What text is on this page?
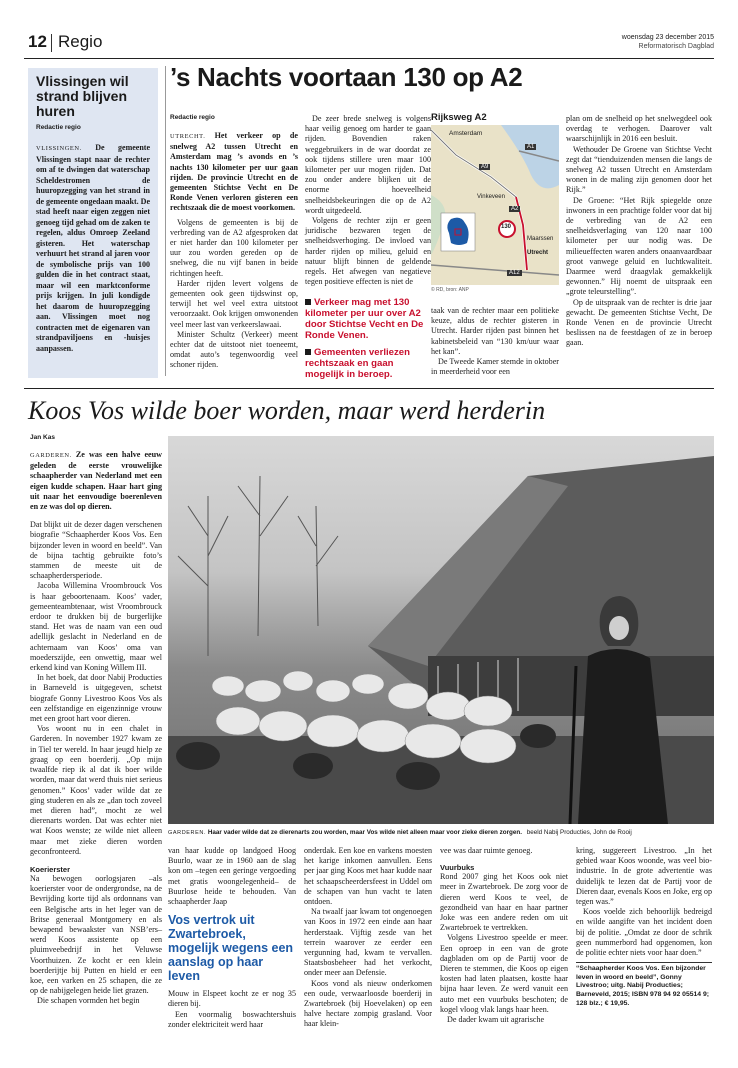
12 Regio	woensdag 23 december 2015
Reformatorisch Dagblad
Vlissingen wil strand blijven huren
Redactie regio
VLISSINGEN. De gemeente Vlissingen stapt naar de rechter om af te dwingen dat waterschap Scheldestromen de huuropzegging van het strand in de gemeente ongedaan maakt. De stad heeft naar eigen zeggen niet genoeg tijd gehad om de zaken te regelen, aldus Omroep Zeeland gisteren. Het waterschap verhuurt het strand al jaren voor de symbolische prijs van 100 gulden die in het contract staat, maar wil een marktconforme prijs krijgen. In juli kondigde het daarom de huuropzegging aan. Vlissingen moet nog contracten met de eigenaren van strandpaviljoens en -huisjes aanpassen.
’s Nachts voortaan 130 op A2
Redactie regio
UTRECHT. Het verkeer op de snelweg A2 tussen Utrecht en Amsterdam mag ’s avonds en ’s nachts 130 kilometer per uur gaan rijden. De provincie Utrecht en de gemeenten Stichtse Vecht en De Ronde Venen verloren gisteren een rechtszaak die de moest voorkomen.

Volgens de gemeenten is bij de verbreding van de A2 afgesproken dat er niet harder dan 100 kilometer per uur zou worden gereden op de snelweg, die nu vijf banen in beide richtingen heeft.

Harder rijden levert volgens de gemeenten ook geen tijdswinst op, terwijl het wel veel extra uitstoot veroorzaakt. Ook krijgen omwonenden veel meer last van verkeerslawaai.

Minister Schultz (Verkeer) meent echter dat de uitstoot niet toeneemt, omdat auto’s tegenwoordig veel schoner rijden.

De zeer brede snelweg is volgens haar veilig genoeg om harder te gaan rijden. Bovendien raken weggebruikers in de war doordat ze ook tijdens stillere uren maar 100 kilometer per uur mogen rijden. Dat zou onder andere blijken uit de enorme hoeveelheid snelheidsbekeuringen die op de A2 wordt uitgedeeld.

Volgens de rechter zijn er geen juridische bezwaren tegen de snelheidsverhoging. De invloed van harder rijden op milieu, geluid en natuur blijft binnen de geldende regels. Het afwegen van negatieve tegen positieve effecten is niet de

Verkeer mag met 130 kilometer per uur over A2 door Stichtse Vecht en De Ronde Venen.
Gemeenten verliezen rechtszaak en gaan mogelijk in beroep.
Rijksweg A2
Amsterdam
A1
A9
Vinkeveen
A2
130
Maarssen
Utrecht
A12
© RD, bron: ANP

taak van de rechter maar een politieke keuze, aldus de rechter gisteren in Utrecht. Harder rijden past binnen het kabinetsbeleid van “130 km/uur waar het kan”.

De Tweede Kamer stemde in oktober in meerderheid voor een

plan om de snelheid op het snelwegdeel ook overdag te verhogen. Daarover valt waarschijnlijk in 2016 een besluit.

Wethouder De Groene van Stichtse Vecht zegt dat “tienduizenden mensen die langs de snelweg A2 tussen Utrecht en Amsterdam wonen in de maling zijn genomen door het Rijk.”

De Groene: “Het Rijk spiegelde onze inwoners in een prachtige folder voor dat bij de verbreding van de A2 een snelheidsverlaging van 120 naar 100 kilometer per uur nodig was. De milieueffecten waren anders onaanvaardbaar groot vanwege geluid en luchtkwaliteit. Daarmee werd draagvlak gemakkelijk gewonnen.” Hij noemt de uitspraak een „grote teleurstelling”.

Op de uitspraak van de rechter is drie jaar gewacht. De gemeenten Stichtse Vecht, De Ronde Venen en de provincie Utrecht beslissen na de feestdagen of ze in beroep gaan.

Koos Vos wilde boer worden, maar werd herderin
Jan Kas
GARDEREN. Ze was een halve eeuw geleden de eerste vrouwelijke schaapherder van Nederland met een eigen kudde schapen. Haar hart ging uit naar het eenvoudige boerenleven en ze was dol op dieren.

Dat blijkt uit de dezer dagen verschenen biografie “Schaapherder Koos Vos. Een bijzonder leven in woord en beeld”. Van de bijna tachtig gebruikte foto’s stammen de meeste uit de schaapherdersperiode.

Jacoba Willemina Vroombrouck Vos is haar geboortenaam. Koos’ vader, gemeenteambtenaar, wist Vroombrouck erdoor te drukken bij de burgerlijke stand. Het was de naam van een oud adellijk geslacht in Nederland en de achternaam van Koos’ oma van moederszijde, een onwettig, maar wel erkend kind van Koning Willem III.

In het boek, dat door Nabij Producties in Barneveld is uitgegeven, schetst biografe Gonny Livestroo Koos Vos als een zelfstandige en eigenzinnige vrouw met een groot hart voor dieren.

Vos woont nu in een chalet in Garderen. In november 1927 kwam ze in Tiel ter wereld. In haar jeugd hielp ze graag op een boerderij. „Op mijn twaalfde riep ik al dat ik boer wilde worden, maar dat werd thuis niet serieus genomen.” Koos’ vader wilde dat ze ging studeren en als ze „dan toch zoveel met dieren had”, mocht ze wel dierenarts worden. Dat was echter niet wat Koos wenste; ze wilde niet alleen maar met zieke dieren worden geconfronteerd.

Koerierster

Na bewogen oorlogsjaren –als koerierster voor de ondergrondse, na de Bevrijding korte tijd als ordonnans van een Belgische arts in het leger van de Britse generaal Montgomery en als bewapend bewaakster van NSB’ers– werd Koos assistente op een pluimveebedrijf in het Veluwse Voorthuizen. Ze kocht er een klein boerderijtje bij Putten en hield er een koe, een varken en 25 schapen, die ze op de nabijgelegen heide liet grazen.

Die schapen vormden het begin

GARDEREN. Haar vader wilde dat ze dierenarts zou worden, maar Vos wilde niet alleen maar voor zieke dieren zorgen. beeld Nabij Producties, John de Rooij

van haar kudde op landgoed Hoog Buurlo, waar ze in 1960 aan de slag kon om –tegen een geringe vergoeding met gratis woongelegenheid– de Buurlose heide te behouden. Van schaapherder Jaap

Vos vertrok uit Zwartebroek, mogelijk wegens een aanslag op haar leven

Mouw in Elspeet kocht ze er nog 35 dieren bij.

Een voormalig boswachtershuis zonder elektriciteit werd haar

onderdak. Een koe en varkens moesten het karige inkomen aanvullen. Eens per jaar ging Koos met haar kudde naar het schaapscheerdersfeest in Uddel om de schapen van hun vacht te laten ontdoen.

Na twaalf jaar kwam tot ongenoegen van Koos in 1972 een einde aan haar herderstaak. Vijftig zesde van het terrein waarover ze eerder een vergunning had, kwam te vervallen. Staatsbosbeheer had het verkocht, onder meer aan Defensie.

Koos vond als nieuw onderkomen een oude, verwaarloosde boerderij in Zwartebroek (bij Hoevelaken) op een halve hectare zompig grasland. Voor haar klein-

vee was daar ruimte genoeg.

Vuurbuks

Rond 2007 ging het Koos ook niet meer in Zwartebroek. De zorg voor de dieren werd Koos te veel, de gezondheid van haar en haar partner Joke was een andere reden om uit Zwartebroek te vertrekken.

Volgens Livestroo speelde er meer. Een oproep in een van de grote dagbladen om op de Partij voor de Dieren te stemmen, die Koos op eigen kosten had laten plaatsen, kostte haar bijna haar leven. Ze werd vanuit een auto met een vuurbuks beschoten; de kogel vloog vlak langs haar heen.

De dader kwam uit agrarische

kring, suggereert Livestroo. „In het gebied waar Koos woonde, was veel bio-industrie. In de grote advertentie was duidelijk te lezen dat de Partij voor de Dieren daar, evenals Koos en Joke, erg op tegen was.”

Koos voelde zich behoorlijk bedreigd en wilde aangifte van het incident doen bij de politie. „Omdat ze door de schrik geen nummerbord had opgenomen, kon de politie echter niets voor haar doen.”

“Schaapherder Koos Vos. Een bijzonder leven in woord en beeld”, Gonny Livestroo; uitg. Nabij Producties; Barneveld, 2015; ISBN 978 94 92 05514 9; 128 blz.; € 19,95.
